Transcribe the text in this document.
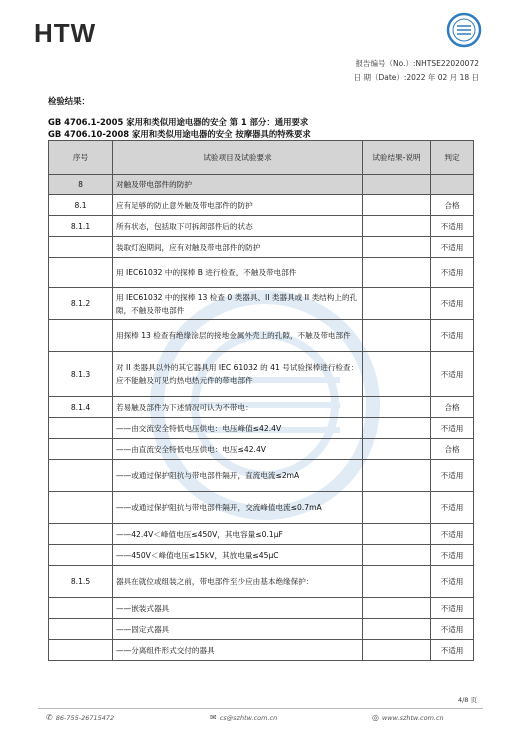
HTW
报告编号（No.）:NHTSE22020072
日 期（Date）:2022 年 02 月 18 日
检验结果：
GB 4706.1-2005 家用和类似用途电器的安全 第 1 部分：通用要求
GB 4706.10-2008 家用和类似用途电器的安全 按摩器具的特殊要求
序号	试验项目及试验要求	试验结果-说明	判定
8	对触及带电部件的防护		
8.1	应有足够的防止意外触及带电部件的防护		合格
8.1.1	所有状态，包括取下可拆卸部件后的状态		不适用
	装取灯泡期间，应有对触及带电部件的防护		不适用
	用 IEC61032 中的探棒 B 进行检查，不触及带电部件		不适用
8.1.2	用 IEC61032 中的探棒 13 检查 0 类器具、II 类器具或 II 类结构上的孔隙，不触及带电部件		不适用
	用探棒 13 检查有绝缘涂层的接地金属外壳上的孔隙，不触及带电部件		不适用
8.1.3	对 II 类器具以外的其它器具用 IEC 61032 的 41 号试验探棒进行检查：应不能触及可见灼热电热元件的带电部件		不适用
8.1.4	若易触及部件为下述情况可认为不带电：		合格
	——由交流安全特低电压供电：电压峰值≤42.4V		不适用
	——由直流安全特低电压供电：电压≤42.4V		合格
	——或通过保护阻抗与带电部件隔开，直流电流≤2mA		不适用
	——或通过保护阻抗与带电部件隔开，交流峰值电流≤0.7mA		不适用
	——42.4V＜峰值电压≤450V，其电容量≤0.1μF		不适用
	——450V＜峰值电压≤15kV，其放电量≤45μC		不适用
8.1.5	器具在就位或组装之前，带电部件至少应由基本绝缘保护：		不适用
	——嵌装式器具		不适用
	——固定式器具		不适用
	——分离组件形式交付的器具		不适用
4/8 页
✆ 86-755-26715472	✉ cs@szhtw.com.cn	◎ www.szhtw.com.cn
